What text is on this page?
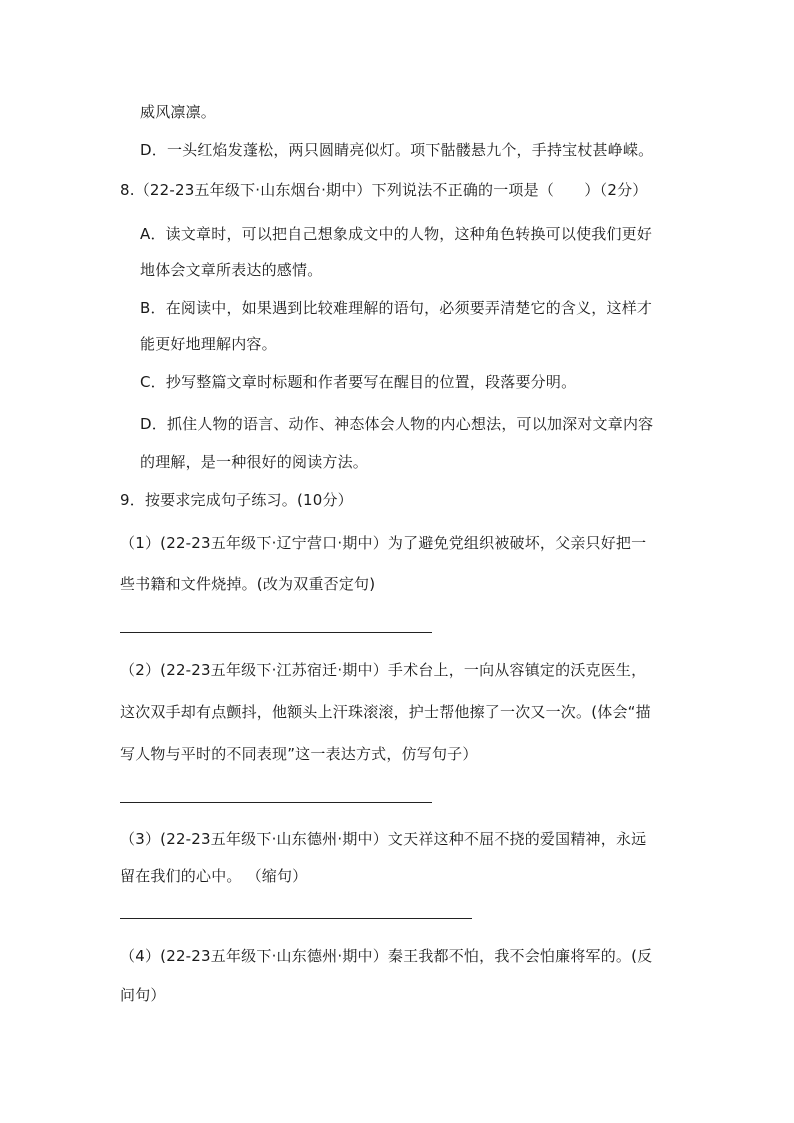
威风凛凛。
D．一头红焰发蓬松，两只圆睛亮似灯。项下骷髅悬九个，手持宝杖甚峥嵘。
8.（22-23五年级下·山东烟台·期中）下列说法不正确的一项是（　　）（2分）
A．读文章时，可以把自己想象成文中的人物，这种角色转换可以使我们更好
地体会文章所表达的感情。
B．在阅读中，如果遇到比较难理解的语句，必须要弄清楚它的含义，这样才
能更好地理解内容。
C．抄写整篇文章时标题和作者要写在醒目的位置，段落要分明。
D．抓住人物的语言、动作、神态体会人物的内心想法，可以加深对文章内容
的理解，是一种很好的阅读方法。
9．按要求完成句子练习。(10分）
（1）(22-23五年级下·辽宁营口·期中）为了避免党组织被破坏，父亲只好把一
些书籍和文件烧掉。(改为双重否定句)
（2）(22-23五年级下·江苏宿迁·期中）手术台上，一向从容镇定的沃克医生，
这次双手却有点颤抖，他额头上汗珠滚滚，护士帮他擦了一次又一次。(体会“描
写人物与平时的不同表现”这一表达方式，仿写句子）
（3）(22-23五年级下·山东德州·期中）文天祥这种不屈不挠的爱国精神，永远
留在我们的心中。 （缩句）
（4）(22-23五年级下·山东德州·期中）秦王我都不怕，我不会怕廉将军的。(反
问句）
